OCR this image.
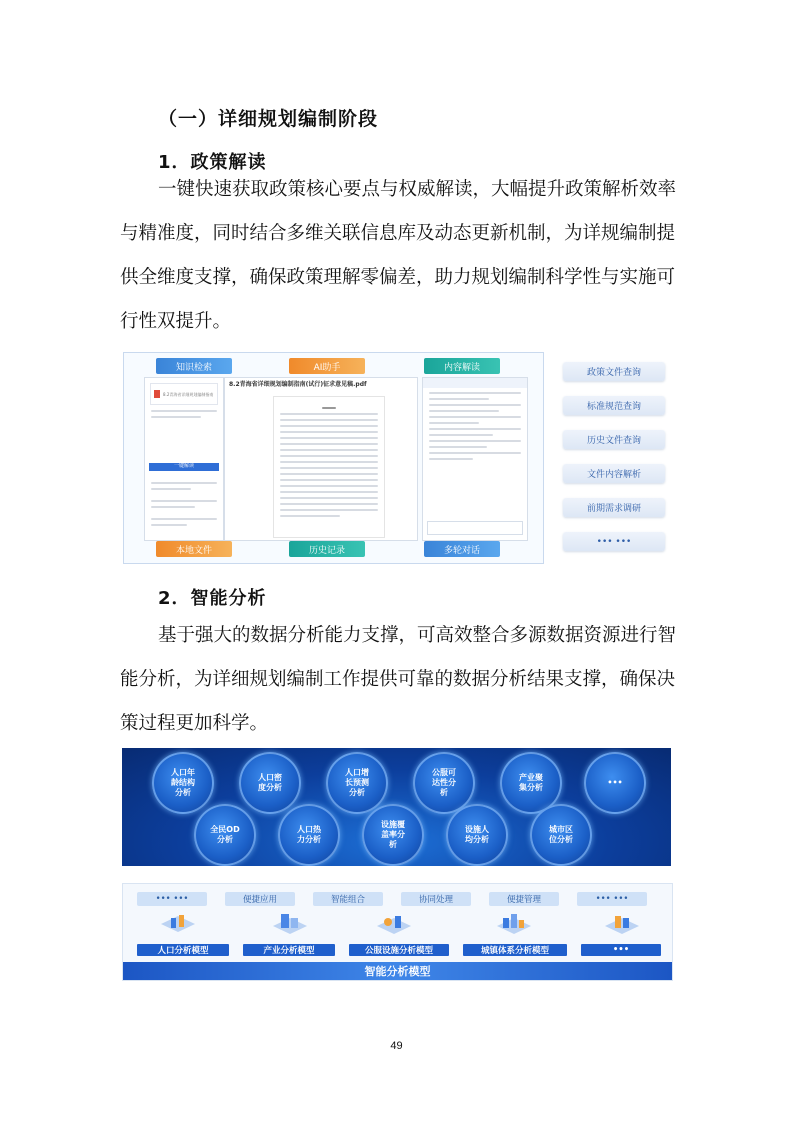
（一）详细规划编制阶段
1．政策解读
一键快速获取政策核心要点与权威解读，大幅提升政策解析效率
与精准度，同时结合多维关联信息库及动态更新机制，为详规编制提
供全维度支撑，确保政策理解零偏差，助力规划编制科学性与实施可
行性双提升。
知识检索	AI助手	内容解读
8.2青海省详细规划编制指南
一键解读
8.2青海省详细规划编制指南(试行)征求意见稿.pdf
本地文件	历史记录	多轮对话
政策文件查询
标准规范查询
历史文件查询
文件内容解析
前期需求调研
••• •••
2．智能分析
基于强大的数据分析能力支撑，可高效整合多源数据资源进行智
能分析，为详细规划编制工作提供可靠的数据分析结果支撑，确保决
策过程更加科学。
人口年龄结构分析
人口密度分析
人口增长预测分析
公服可达性分析
产业聚集分析
•••
全民OD分析
人口热力分析
设施覆盖率分析
设施人均分析
城市区位分析
••• •••	便捷应用	智能组合	协同处理	便捷管理	••• •••
人口分析模型	产业分析模型	公服设施分析模型	城镇体系分析模型	•••
智能分析模型
49
